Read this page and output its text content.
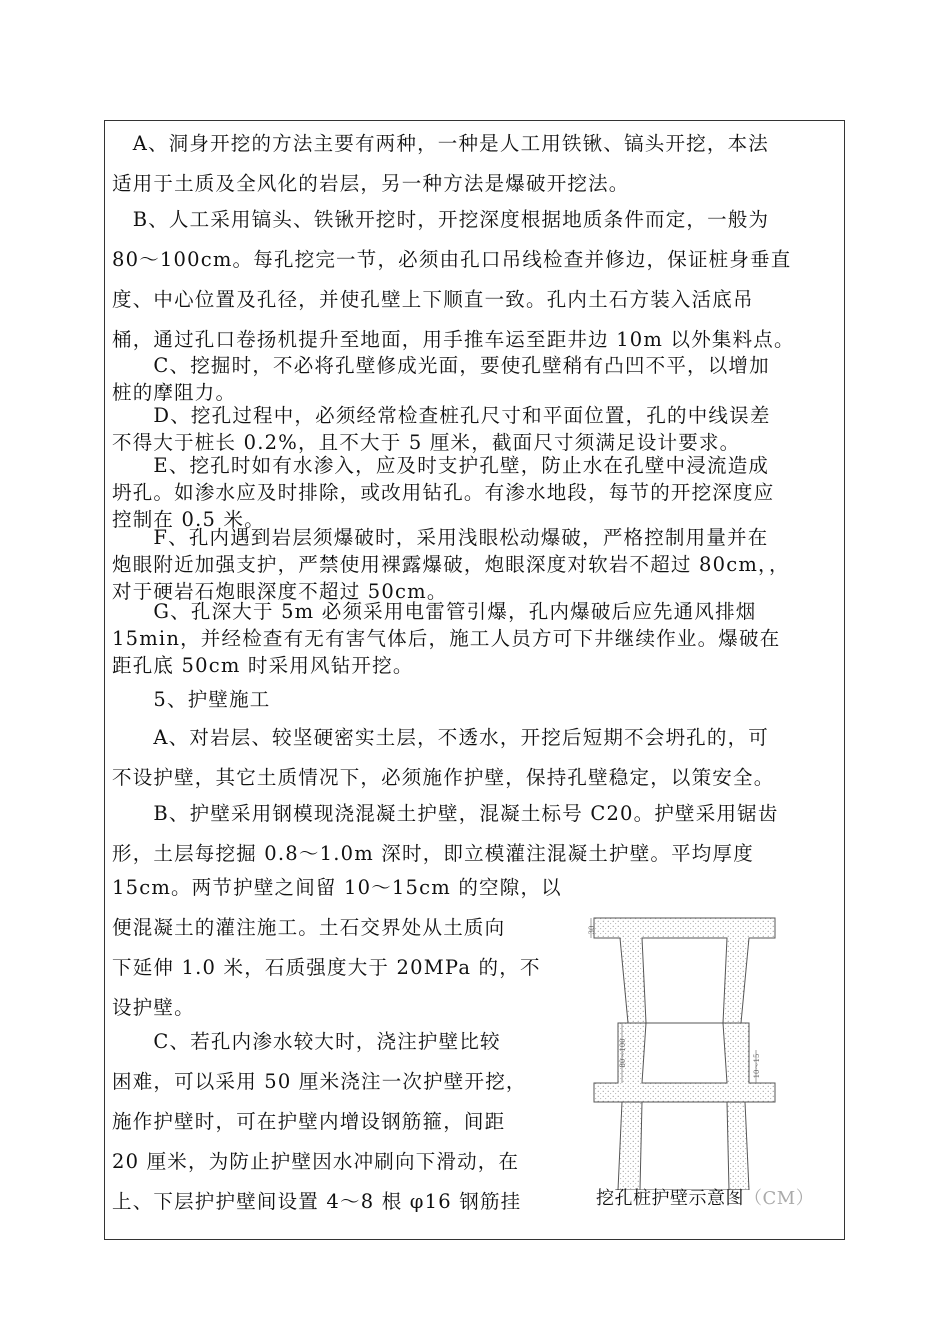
　A、洞身开挖的方法主要有两种，一种是人工用铁锹、镐头开挖，本法
适用于土质及全风化的岩层，另一种方法是爆破开挖法。
　B、人工采用镐头、铁锹开挖时，开挖深度根据地质条件而定，一般为
80～100cm。每孔挖完一节，必须由孔口吊线检查并修边，保证桩身垂直
度、中心位置及孔径，并使孔壁上下顺直一致。孔内土石方装入活底吊
桶，通过孔口卷扬机提升至地面，用手推车运至距井边 10m 以外集料点。
　　C、挖掘时，不必将孔壁修成光面，要使孔壁稍有凸凹不平，以增加
桩的摩阻力。
　　D、挖孔过程中，必须经常检查桩孔尺寸和平面位置，孔的中线误差
不得大于桩长 0.2%，且不大于 5 厘米，截面尺寸须满足设计要求。
　　E、挖孔时如有水渗入，应及时支护孔壁，防止水在孔壁中浸流造成
坍孔。如渗水应及时排除，或改用钻孔。有渗水地段，每节的开挖深度应
控制在 0.5 米。
　　F、孔内遇到岩层须爆破时，采用浅眼松动爆破，严格控制用量并在
炮眼附近加强支护，严禁使用裸露爆破，炮眼深度对软岩不超过 80cm，，
对于硬岩石炮眼深度不超过 50cm。
　　G、孔深大于 5m 必须采用电雷管引爆，孔内爆破后应先通风排烟
15min，并经检查有无有害气体后，施工人员方可下井继续作业。爆破在
距孔底 50cm 时采用风钻开挖。
　　5、护壁施工
　　A、对岩层、较坚硬密实土层，不透水，开挖后短期不会坍孔的，可
不设护壁，其它土质情况下，必须施作护壁，保持孔壁稳定，以策安全。
　　B、护壁采用钢模现浇混凝土护壁，混凝土标号 C20。护壁采用锯齿
形，土层每挖掘 0.8～1.0m 深时，即立模灌注混凝土护壁。平均厚度
15cm。两节护壁之间留 10～15cm 的空隙，以
便混凝土的灌注施工。土石交界处从土质向
下延伸 1.0 米，石质强度大于 20MPa 的，不
设护壁。
　　C、若孔内渗水较大时，浇注护壁比较
困难，可以采用 50 厘米浇注一次护壁开挖，
施作护壁时，可在护壁内增设钢筋箍，间距
20 厘米，为防止护壁因水冲刷向下滑动，在
上、下层护护壁间设置 4～8 根 φ16 钢筋挂
30
80～100	10～15
挖孔桩护壁示意图（CM）
